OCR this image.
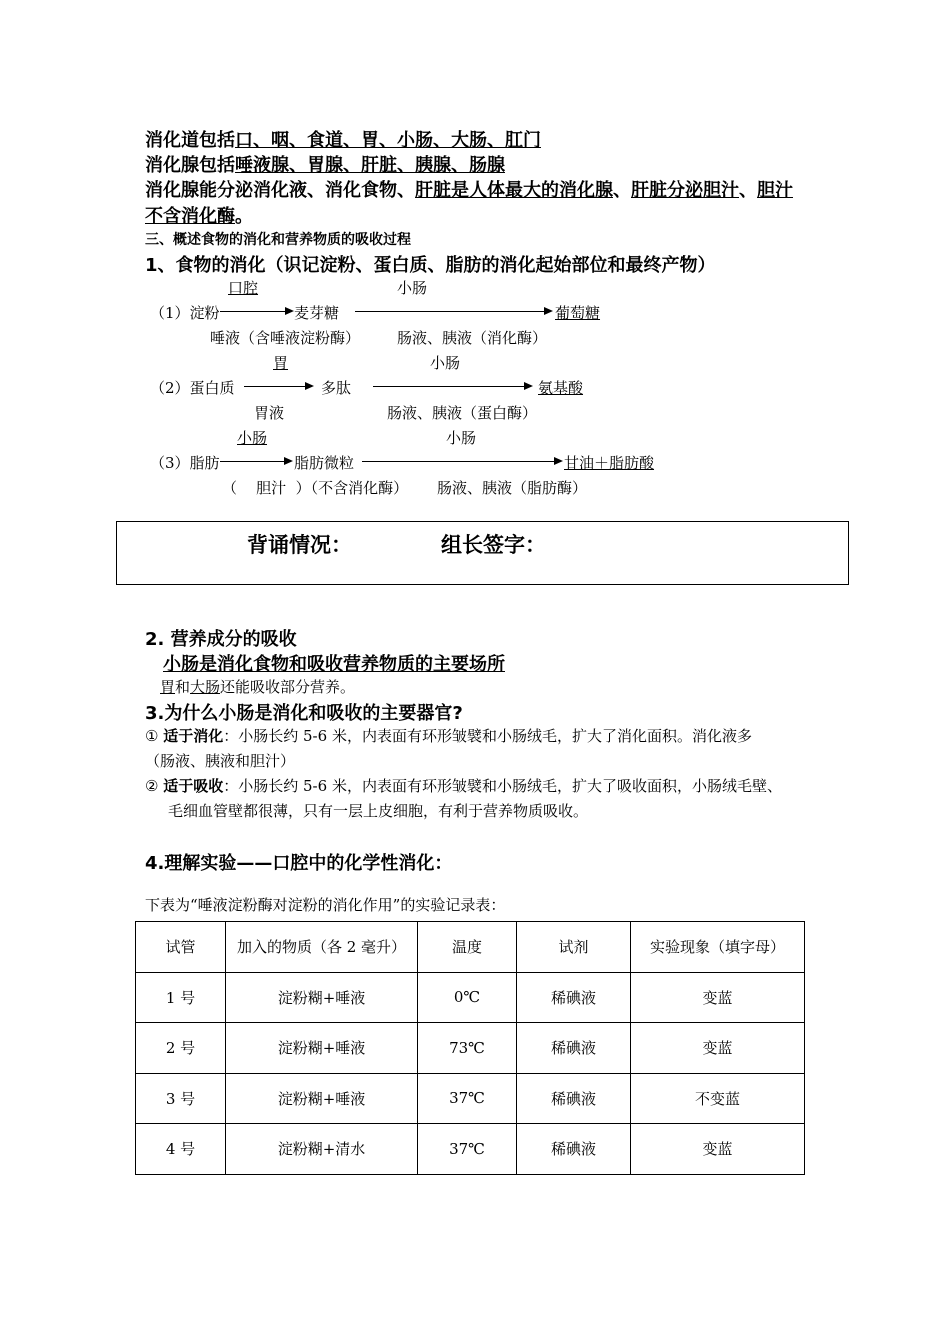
消化道包括口、咽、食道、胃、小肠、大肠、肛门
消化腺包括唾液腺、胃腺、肝脏、胰腺、肠腺
消化腺能分泌消化液、消化食物、肝脏是人体最大的消化腺、肝脏分泌胆汁、胆汁
不含消化酶。
三、概述食物的消化和营养物质的吸收过程
1、食物的消化（识记淀粉、蛋白质、脂肪的消化起始部位和最终产物）
口腔	小肠
（1）淀粉	麦芽糖	葡萄糖
唾液（含唾液淀粉酶） 肠液、胰液（消化酶）
胃	小肠
（2）蛋白质	多肽	氨基酸
胃液	肠液、胰液（蛋白酶）
小肠	小肠
（3）脂肪	脂肪微粒	甘油＋脂肪酸
（    胆汁  ）（不含消化酶） 肠液、胰液（脂肪酶）
背诵情况：	组长签字：
2. 营养成分的吸收
小肠是消化食物和吸收营养物质的主要场所
胃和大肠还能吸收部分营养。
3.为什么小肠是消化和吸收的主要器官?
① 适于消化：小肠长约 5-6 米，内表面有环形皱襞和小肠绒毛，扩大了消化面积。消化液多
（肠液、胰液和胆汁）
② 适于吸收：小肠长约 5-6 米，内表面有环形皱襞和小肠绒毛，扩大了吸收面积，小肠绒毛壁、
毛细血管壁都很薄，只有一层上皮细胞，有利于营养物质吸收。
4.理解实验——口腔中的化学性消化：
下表为“唾液淀粉酶对淀粉的消化作用”的实验记录表：
试管	加入的物质（各 2 毫升）	温度	试剂	实验现象（填字母）
1 号	淀粉糊+唾液	0℃	稀碘液	变蓝
2 号	淀粉糊+唾液	73℃	稀碘液	变蓝
3 号	淀粉糊+唾液	37℃	稀碘液	不变蓝
4 号	淀粉糊+清水	37℃	稀碘液	变蓝
